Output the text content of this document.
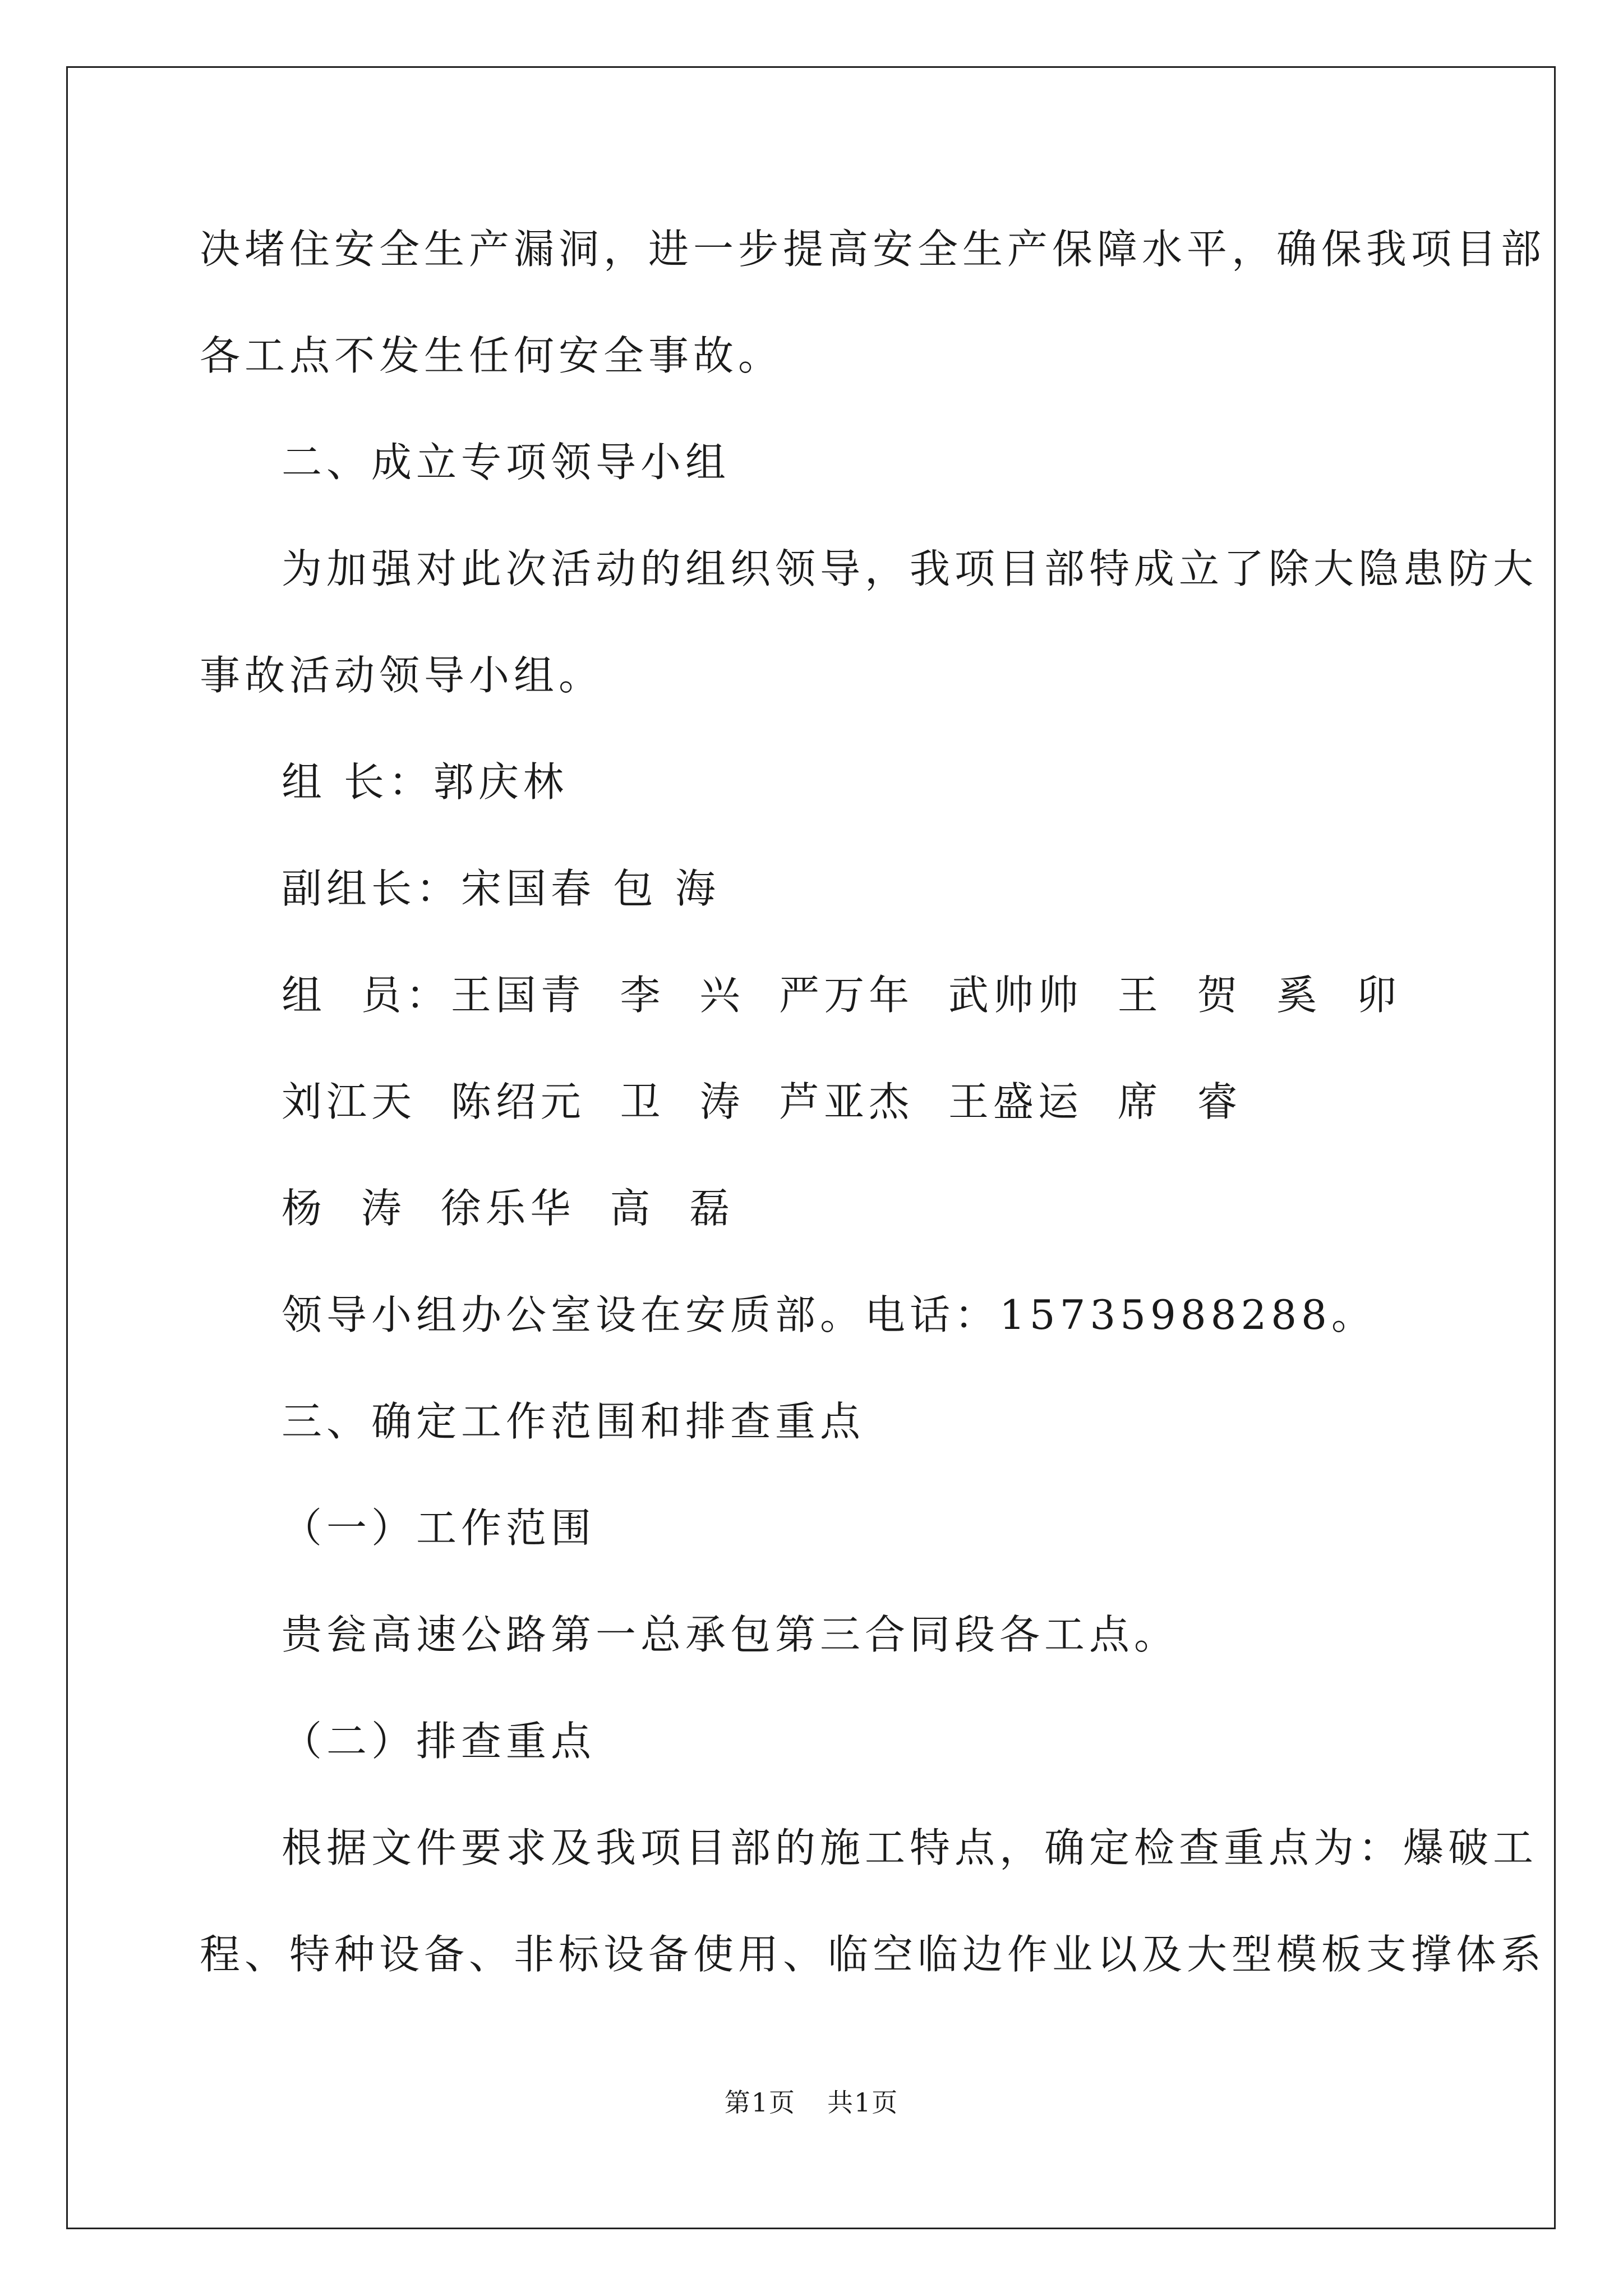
决堵住安全生产漏洞，进一步提高安全生产保障水平，确保我项目部
各工点不发生任何安全事故。
二、成立专项领导小组
为加强对此次活动的组织领导，我项目部特成立了除大隐患防大
事故活动领导小组。
组 长：郭庆林
副组长：宋国春 包 海
组  员：王国青  李  兴  严万年  武帅帅  王  贺  奚  卯
刘江天  陈绍元  卫  涛  芦亚杰  王盛运  席  睿
杨  涛  徐乐华  高  磊
领导小组办公室设在安质部。电话：15735988288。
三、确定工作范围和排查重点
（一）工作范围
贵瓮高速公路第一总承包第三合同段各工点。
（二）排查重点
根据文件要求及我项目部的施工特点，确定检查重点为：爆破工
程、特种设备、非标设备使用、临空临边作业以及大型模板支撑体系
第1页 共1页
